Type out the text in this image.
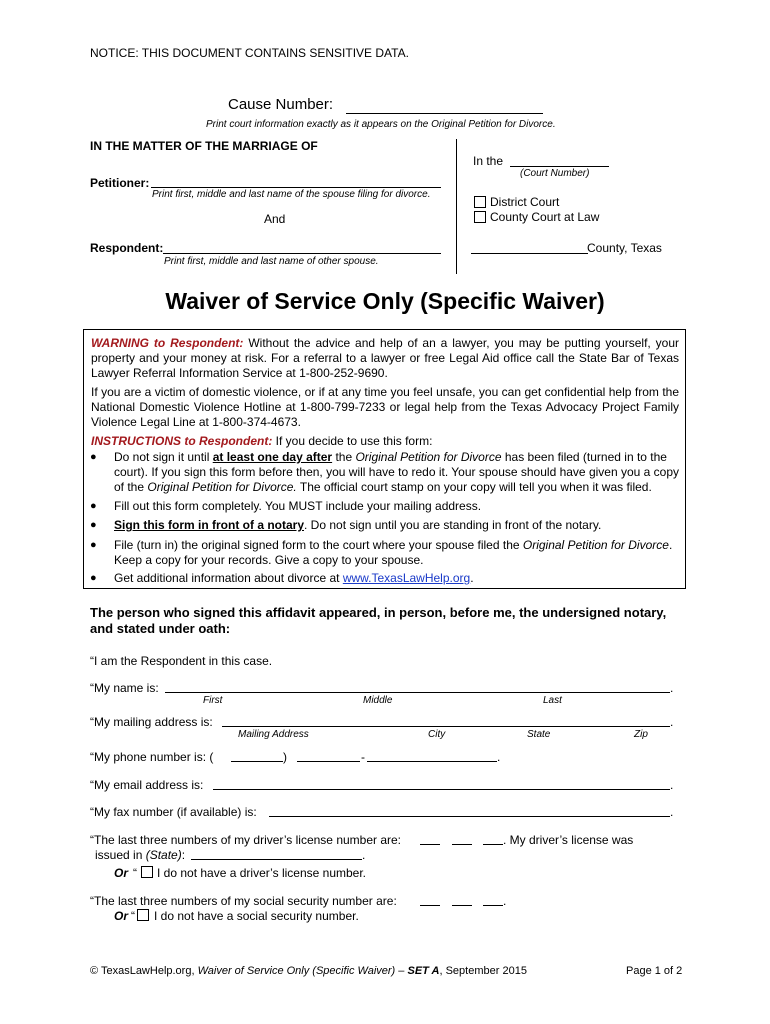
NOTICE: THIS DOCUMENT CONTAINS SENSITIVE DATA.
Cause Number:
Print court information exactly as it appears on the Original Petition for Divorce.
IN THE MATTER OF THE MARRIAGE OF
Petitioner:
Print first, middle and last name of the spouse filing for divorce.
And
Respondent:
Print first, middle and last name of other spouse.
In the
(Court Number)
District Court
County Court at Law
County, Texas
Waiver of Service Only (Specific Waiver)
WARNING to Respondent: Without the advice and help of an a lawyer, you may be putting yourself, your property and your money at risk. For a referral to a lawyer or free Legal Aid office call the State Bar of Texas Lawyer Referral Information Service at 1-800-252-9690.
If you are a victim of domestic violence, or if at any time you feel unsafe, you can get confidential help from the National Domestic Violence Hotline at 1-800-799-7233 or legal help from the Texas Advocacy Project Family Violence Legal Line at 1-800-374-4673.
INSTRUCTIONS to Respondent: If you decide to use this form:
● Do not sign it until at least one day after the Original Petition for Divorce has been filed (turned in to the court). If you sign this form before then, you will have to redo it. Your spouse should have given you a copy of the Original Petition for Divorce. The official court stamp on your copy will tell you when it was filed.
● Fill out this form completely. You MUST include your mailing address.
● Sign this form in front of a notary. Do not sign until you are standing in front of the notary.
● File (turn in) the original signed form to the court where your spouse filed the Original Petition for Divorce. Keep a copy for your records. Give a copy to your spouse.
● Get additional information about divorce at www.TexasLawHelp.org.
The person who signed this affidavit appeared, in person, before me, the undersigned notary, and stated under oath:
“I am the Respondent in this case.
“My name is:	.
First	Middle	Last
“My mailing address is:	.
Mailing Address	City	State	Zip
“My phone number is: (	)	-	.
“My email address is:	.
“My fax number (if available) is:	.
“The last three numbers of my driver’s license number are:	. My driver’s license was
issued in (State):	.
Or “ I do not have a driver’s license number.
“The last three numbers of my social security number are:	.
Or “ I do not have a social security number.
© TexasLawHelp.org, Waiver of Service Only (Specific Waiver) – SET A, September 2015	Page 1 of 2
